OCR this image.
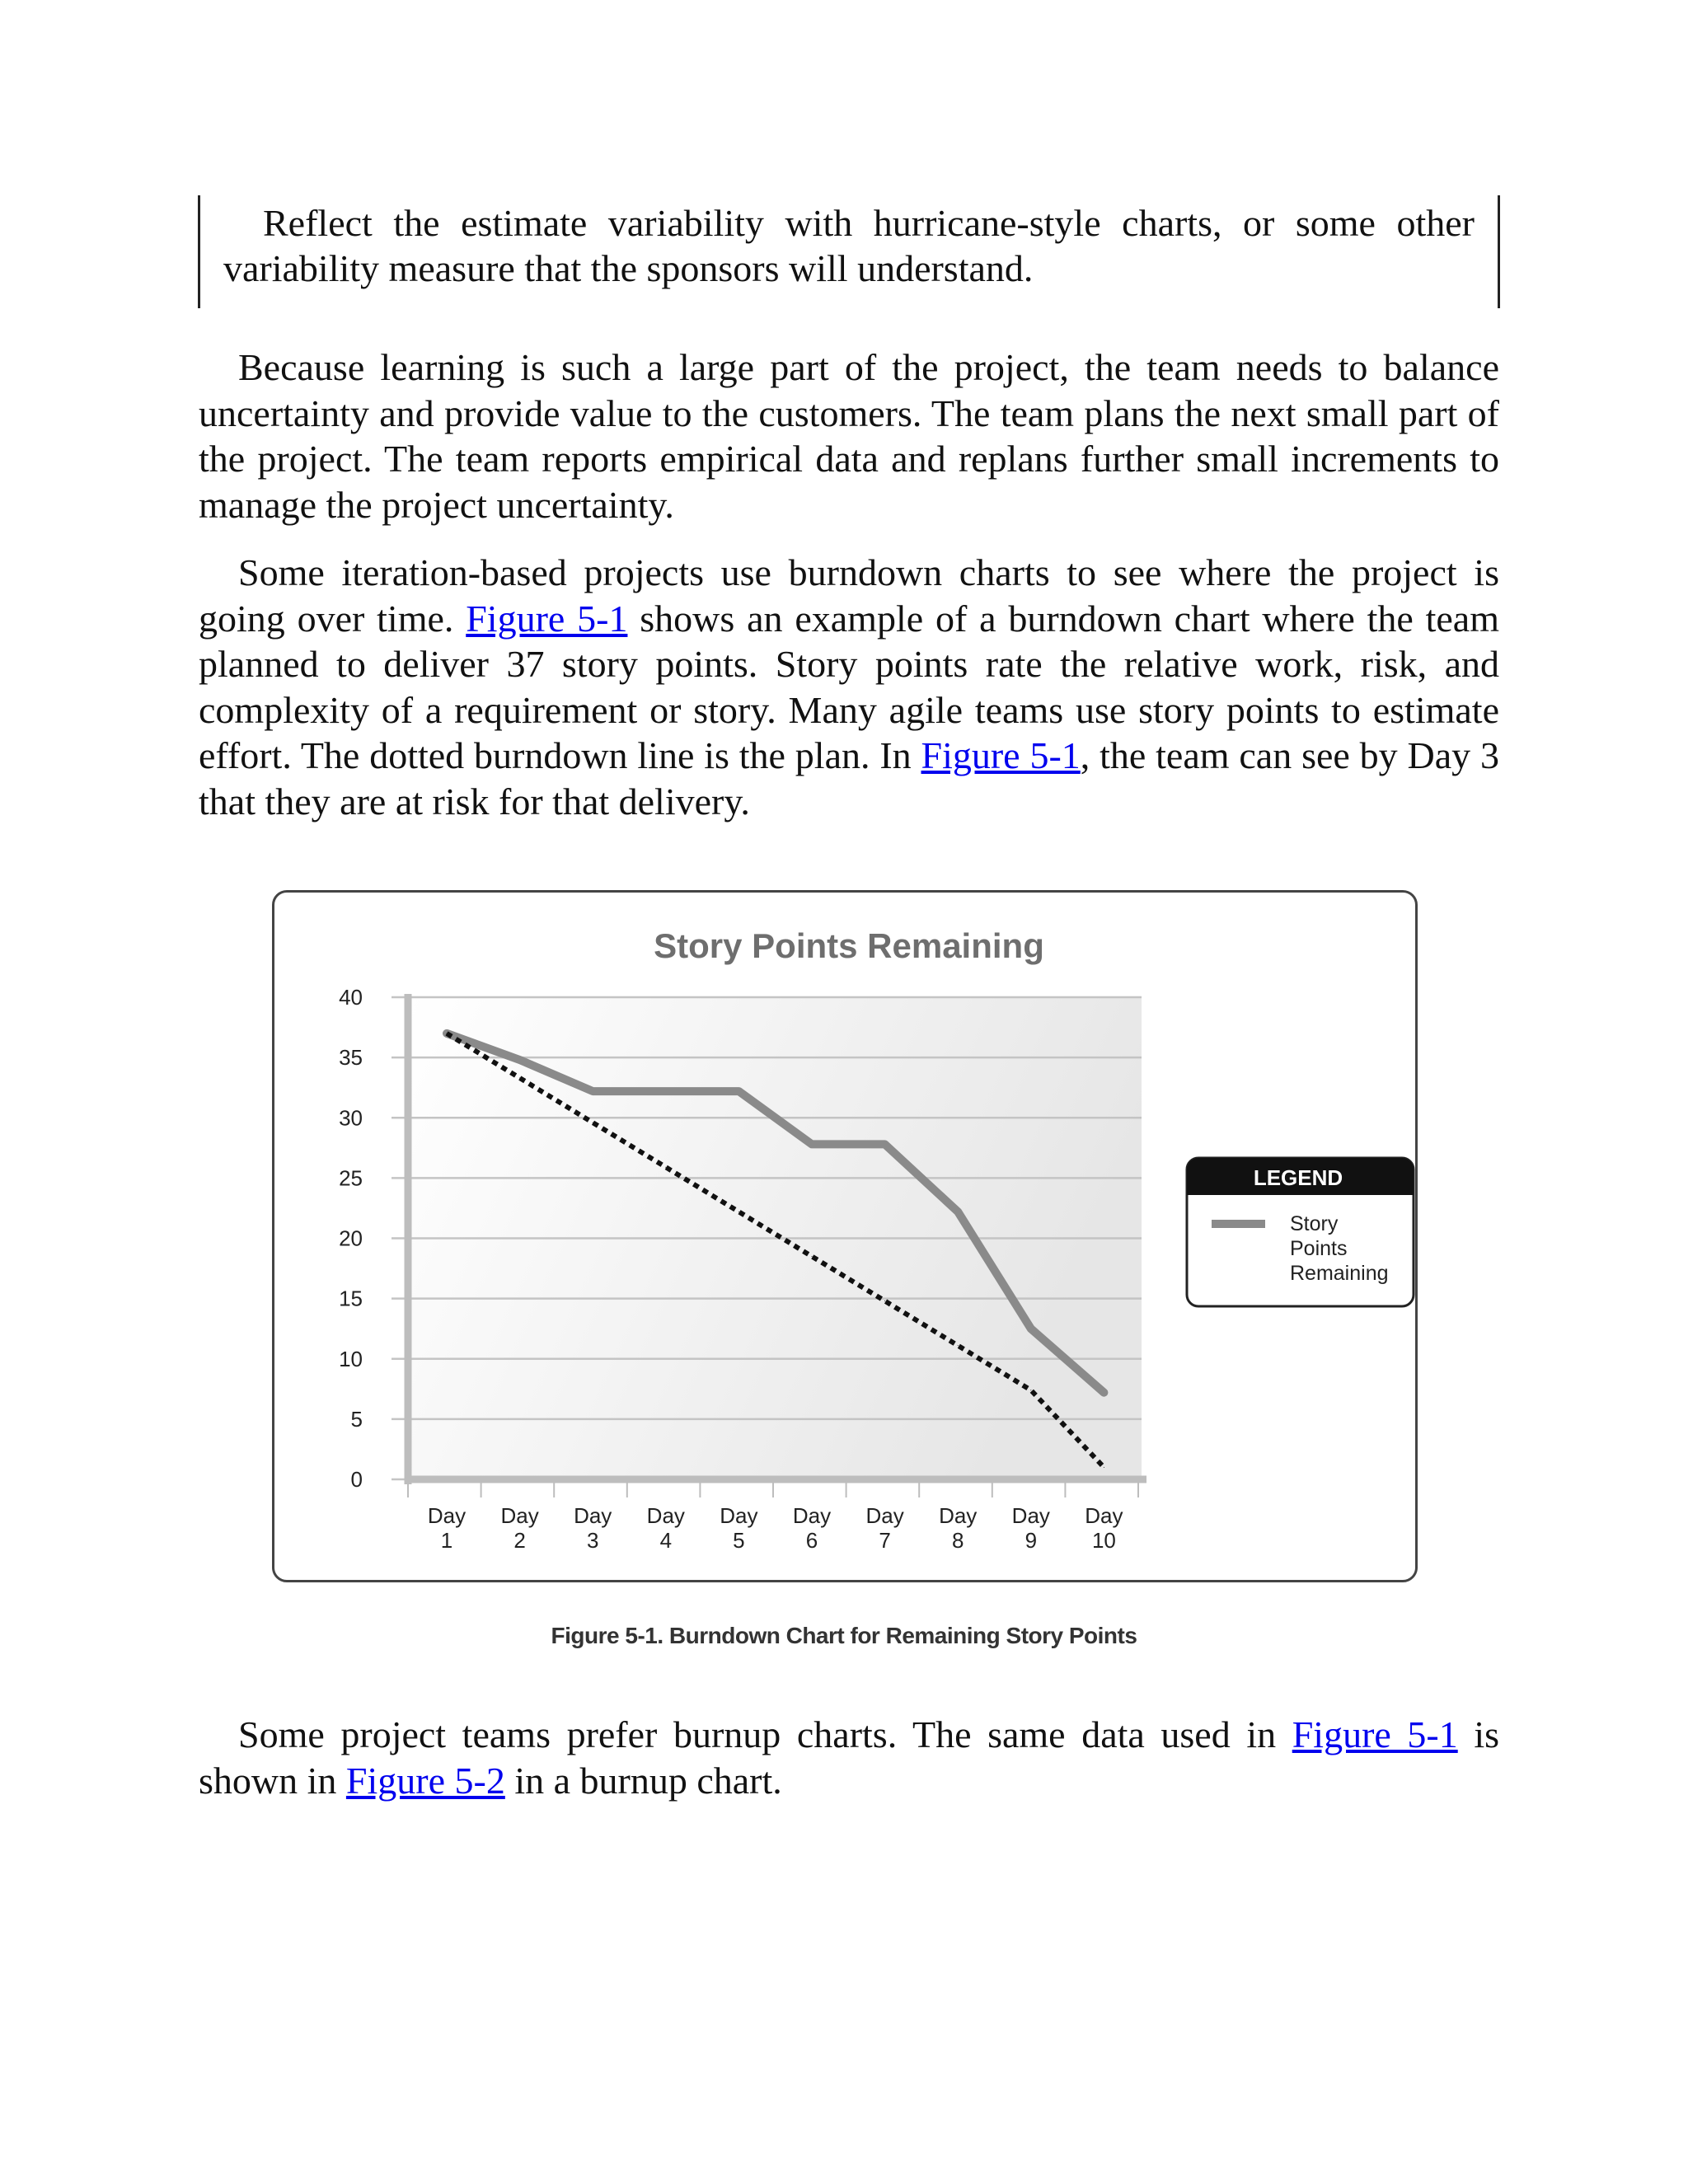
Reflect the estimate variability with hurricane-style charts, or some other variability measure that the sponsors will understand.

Because learning is such a large part of the project, the team needs to balance uncertainty and provide value to the customers. The team plans the next small part of the project. The team reports empirical data and replans further small increments to manage the project uncertainty.

Some iteration-based projects use burndown charts to see where the project is going over time. Figure 5-1 shows an example of a burndown chart where the team planned to deliver 37 story points. Story points rate the relative work, risk, and complexity of a requirement or story. Many agile teams use story points to estimate effort. The dotted burndown line is the plan. In Figure 5-1, the team can see by Day 3 that they are at risk for that delivery.

Story Points Remaining
0
5
10
15
20
25
30
35
40
Day
1
Day
2
Day
3
Day
4
Day
5
Day
6
Day
7
Day
8
Day
9
Day
10
LEGEND
Story
Points
Remaining
Figure 5-1. Burndown Chart for Remaining Story Points

Some project teams prefer burnup charts. The same data used in Figure 5-1 is shown in Figure 5-2 in a burnup chart.
